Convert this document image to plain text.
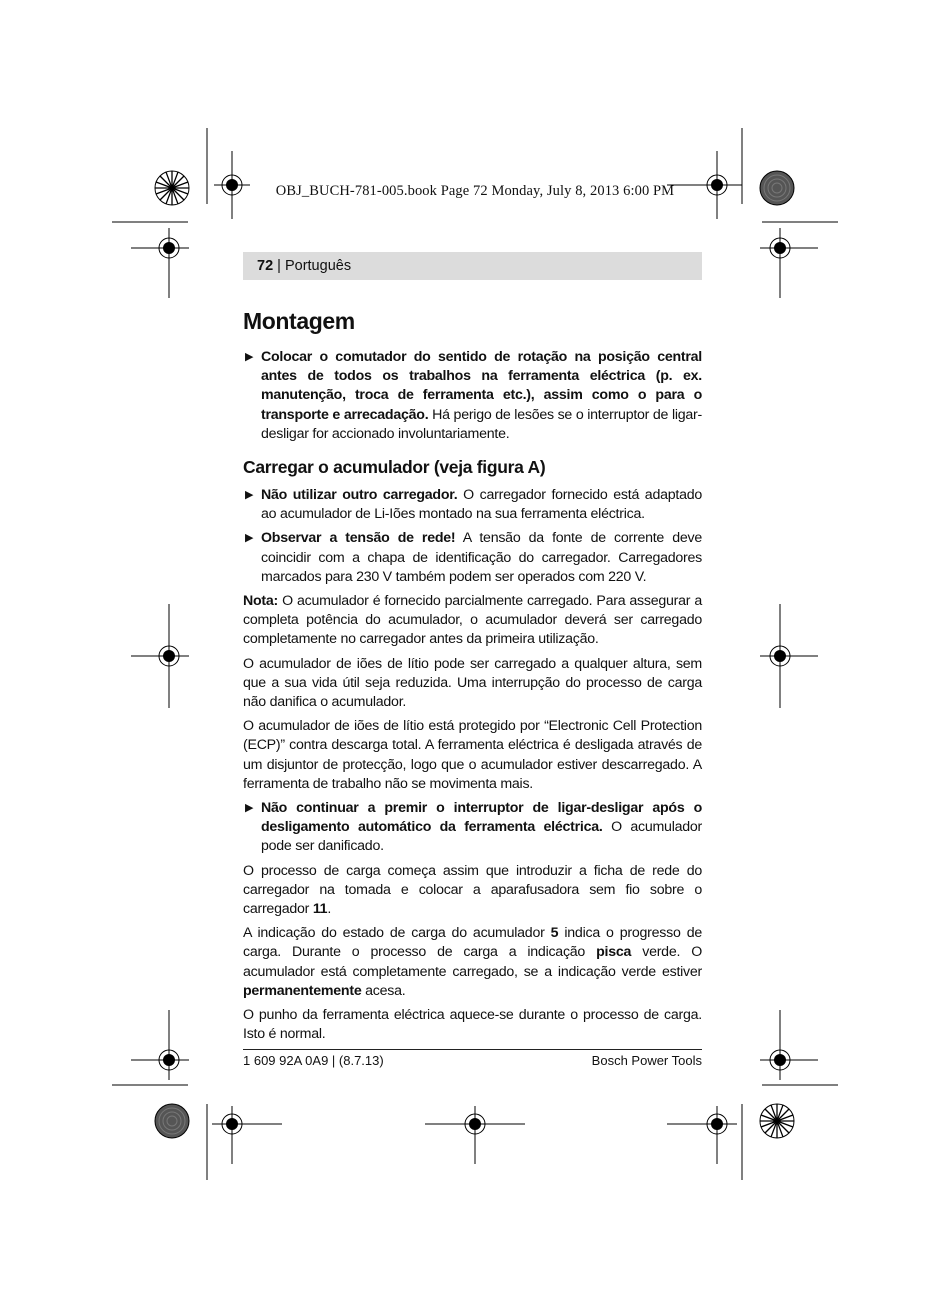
OBJ_BUCH-781-005.book Page 72 Monday, July 8, 2013 6:00 PM
72 | Português
Montagem
▶ Colocar o comutador do sentido de rotação na posição central antes de todos os trabalhos na ferramenta eléctrica (p. ex. manutenção, troca de ferramenta etc.), assim como o para o transporte e arrecadação. Há perigo de lesões se o interruptor de ligar-desligar for accionado involuntariamente.
Carregar o acumulador (veja figura A)
▶ Não utilizar outro carregador. O carregador fornecido está adaptado ao acumulador de Li-Iões montado na sua ferramenta eléctrica.
▶ Observar a tensão de rede! A tensão da fonte de corrente deve coincidir com a chapa de identificação do carregador. Carregadores marcados para 230 V também podem ser operados com 220 V.

Nota: O acumulador é fornecido parcialmente carregado. Para assegurar a completa potência do acumulador, o acumulador deverá ser carregado completamente no carregador antes da primeira utilização.

O acumulador de iões de lítio pode ser carregado a qualquer altura, sem que a sua vida útil seja reduzida. Uma interrupção do processo de carga não danifica o acumulador.

O acumulador de iões de lítio está protegido por “Electronic Cell Protection (ECP)” contra descarga total. A ferramenta eléctrica é desligada através de um disjuntor de protecção, logo que o acumulador estiver descarregado. A ferramenta de trabalho não se movimenta mais.

▶ Não continuar a premir o interruptor de ligar-desligar após o desligamento automático da ferramenta eléctrica. O acumulador pode ser danificado.

O processo de carga começa assim que introduzir a ficha de rede do carregador na tomada e colocar a aparafusadora sem fio sobre o carregador 11.

A indicação do estado de carga do acumulador 5 indica o progresso de carga. Durante o processo de carga a indicação pisca verde. O acumulador está completamente carregado, se a indicação verde estiver permanentemente acesa.

O punho da ferramenta eléctrica aquece-se durante o processo de carga. Isto é normal.

1 609 92A 0A9 | (8.7.13)	Bosch Power Tools
